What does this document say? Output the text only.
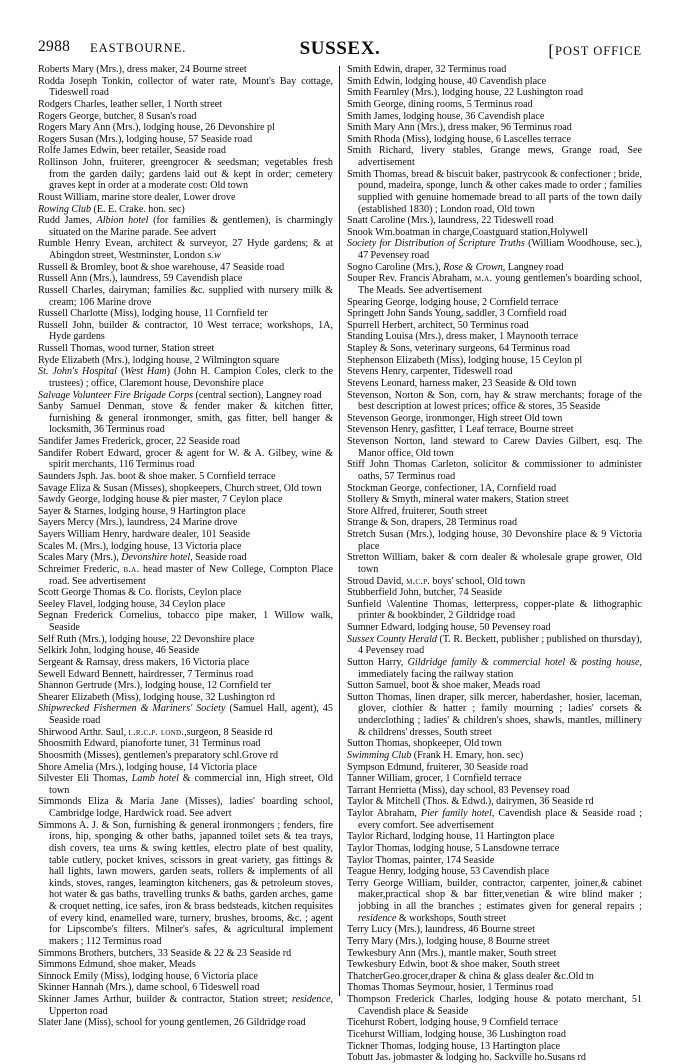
2988 EASTBOURNE.	SUSSEX.	[POST OFFICE

Roberts Mary (Mrs.), dress maker, 24 Bourne street

Rodda Joseph Tonkin, collector of water rate, Mount's Bay cottage, Tideswell road

Rodgers Charles, leather seller, 1 North street

Rogers George, butcher, 8 Susan's road

Rogers Mary Ann (Mrs.), lodging house, 26 Devonshire pl

Rogers Susan (Mrs.), lodging house, 57 Seaside road

Rolfe James Edwin, beer retailer, Seaside road

Rollinson John, fruiterer, greengrocer & seedsman; vegetables fresh from the garden daily; gardens laid out & kept in order; cemetery graves kept in order at a moderate cost: Old town

Roust William, marine store dealer, Lower drove

Rowing Club (E. E. Crake. hon. sec)

Rudd James, Albion hotel (for families & gentlemen), is charmingly situated on the Marine parade. See advert

Rumble Henry Evean, architect & surveyor, 27 Hyde gardens; & at Abingdon street, Westminster, London s.w

Russell & Bromley, boot & shoe warehouse, 47 Seaside road

Russell Ann (Mrs.), laundress, 59 Cavendish place

Russell Charles, dairyman; families &c. supplied with nursery milk & cream; 106 Marine drove

Russell Charlotte (Miss), lodging house, 11 Cornfield ter

Russell John, builder & contractor, 10 West terrace; workshops, 1A, Hyde gardens

Russell Thomas, wood turner, Station street

Ryde Elizabeth (Mrs.), lodging house, 2 Wilmington square

St. John's Hospital (West Ham) (John H. Campion Coles, clerk to the trustees) ; office, Claremont house, Devonshire place

Salvage Volunteer Fire Brigade Corps (central section), Langney road

Sanby Samuel Denman, stove & fender maker & kitchen fitter, furnishing & general ironmonger, smith, gas fitter, bell hanger & locksmith, 36 Terminus road

Sandifer James Frederick, grocer, 22 Seaside road

Sandifer Robert Edward, grocer & agent for W. & A. Gilbey, wine & spirit merchants, 116 Terminus road

Saunders Jsph. Jas. boot & shoe maker. 5 Cornfield terrace

Savage Eliza & Susan (Misses), shopkeepers, Church street, Old town

Sawdy George, lodging house & pier master, 7 Ceylon place

Sayer & Starnes, lodging house, 9 Hartington place

Sayers Mercy (Mrs.), laundress, 24 Marine drove

Sayers William Henry, hardware dealer, 101 Seaside

Scales M. (Mrs.), lodging house, 13 Victoria place

Scales Mary (Mrs.), Devonshire hotel, Seaside road

Schreimer Frederic, b.a. head master of New College, Compton Place road. See advertisement

Scott George Thomas & Co. florists, Ceylon place

Seeley Flavel, lodging house, 34 Ceylon place

Segnan Frederick Cornelius, tobacco pipe maker, 1 Willow walk, Seaside

Self Ruth (Mrs.), lodging house, 22 Devonshire place

Selkirk John, lodging house, 46 Seaside

Sergeant & Ramsay, dress makers, 16 Victoria place

Sewell Edward Bennett, hairdresser, 7 Terminus road

Shannon Gertrude (Mrs.), lodging house, 12 Cornfield ter

Shearer Elizabeth (Miss), lodging house, 32 Lushington rd

Shipwrecked Fishermen & Mariners' Society (Samuel Hall, agent), 45 Seaside road

Shirwood Arthr. Saul, l.r.c.p. lond.,surgeon, 8 Seaside rd

Shoosmith Edward, pianoforte tuner, 31 Terminus road

Shoosmith (Misses), gentlemen's preparatory schl.Grove rd

Shore Amelia (Mrs.), lodging house, 14 Victoria place

Silvester Eli Thomas, Lamb hotel & commercial inn, High street, Old town

Simmonds Eliza & Maria Jane (Misses), ladies' boarding school, Cambridge lodge, Hardwick road. See advert

Simmons A. J. & Son, furnishing & general ironmongers ; fenders, fire irons, hip, sponging & other baths, japanned toilet sets & tea trays, dish covers, tea urns & swing kettles, electro plate of best quality, table cutlery, pocket knives, scissors in great variety, gas fittings & hall lights, lawn mowers, garden seats, rollers & implements of all kinds, stoves, ranges, leamington kitcheners, gas & petroleum stoves, hot water & gas baths, travelling trunks & baths, garden arches, game & croquet netting, ice safes, iron & brass bedsteads, kitchen requisites of every kind, enamelled ware, turnery, brushes, brooms, &c. ; agent for Lipscombe's filters. Milner's safes, & agricultural implement makers ; 112 Terminus road

Simmons Brothers, butchers, 33 Seaside & 22 & 23 Seaside rd

Simmons Edmund, shoe maker, Meads

Sinnock Emily (Miss), lodging house, 6 Victoria place

Skinner Hannah (Mrs.), dame school, 6 Tideswell road

Skinner James Arthur, builder & contractor, Station street; residence, Upperton road

Slater Jane (Miss), school for young gentlemen, 26 Gildridge road

Smith Edwin, draper, 32 Terminus road

Smith Edwin, lodging house, 40 Cavendish place

Smith Fearnley (Mrs.), lodging house, 22 Lushington road

Smith George, dining rooms, 5 Terminus road

Smith James, lodging house, 36 Cavendish place

Smith Mary Ann (Mrs.), dress maker, 96 Terminus road

Smith Rhoda (Miss), lodging house, 6 Lascelles terrace

Smith Richard, livery stables, Grange mews, Grange road, See advertisement

Smith Thomas, bread & biscuit baker, pastrycook & confectioner ; bride, pound, madeira, sponge, lunch & other cakes made to order ; families supplied with genuine homemade bread to all parts of the town daily (established 1830) ; London road, Old town

Snatt Caroline (Mrs.), laundress, 22 Tideswell road

Snook Wm.boatman in charge,Coastguard station,Holywell

Society for Distribution of Scripture Truths (William Woodhouse, sec.), 47 Pevensey road

Sogno Caroline (Mrs.), Rose & Crown, Langney road

Souper Rev. Francis Abraham, m.a. young gentlemen's boarding school, The Meads. See advertisement

Spearing George, lodging house, 2 Cornfield terrace

Springett John Sands Young, saddler, 3 Cornfield road

Spurrell Herbert, architect, 50 Terminus road

Standing Louisa (Mrs.), dress maker, 1 Maynooth terrace

Stapley & Sons, veterinary surgeons, 64 Terminus road

Stephenson Elizabeth (Miss), lodging house, 15 Ceylon pl

Stevens Henry, carpenter, Tideswell road

Stevens Leonard, harness maker, 23 Seaside & Old town

Stevenson, Norton & Son, corn, hay & straw merchants; forage of the best description at lowest prices; office & stores, 35 Seaside

Stevenson George, ironmonger, High street Old town

Stevenson Henry, gasfitter, 1 Leaf terrace, Bourne street

Stevenson Norton, land steward to Carew Davies Gilbert, esq. The Manor office, Old town

Stiff John Thomas Carleton, solicitor & commissioner to administer oaths, 57 Terminus road

Stockman George, confectioner, 1A, Cornfield road

Stollery & Smyth, mineral water makers, Station street

Store Alfred, fruiterer, South street

Strange & Son, drapers, 28 Terminus road

Stretch Susan (Mrs.), lodging house, 30 Devonshire place & 9 Victoria place

Stretton William, baker & corn dealer & wholesale grape grower, Old town

Stroud David, m.c.p. boys' school, Old town

Stubberfield John, butcher, 74 Seaside

Sunfield \Valentine Thomas, letterpress, copper-plate & lithographic printer & bookbinder, 2 Gildridge road

Sumner Edward, lodging house, 50 Pevensey road

Sussex County Herald (T. R. Beckett, publisher ; published on thursday), 4 Pevensey road

Sutton Harry, Gildridge family & commercial hotel & posting house, immediately facing the railway station

Sutton Samuel, boot & shoe maker, Meads road

Sutton Thomas, linen draper, silk mercer, haberdasher, hosier, laceman, glover, clothier & hatter ; family mourning ; ladies' corsets & underclothing ; ladies' & children's shoes, shawls, mantles, millinery & childrens' dresses, South street

Sutton Thomas, shopkeeper, Old town

Swimming Club (Frank H. Emary, hon. sec)

Sympson Edmund, fruiterer, 30 Seaside road

Tanner William, grocer, 1 Cornfield terrace

Tarrant Henrietta (Miss), day school, 83 Pevensey road

Taylor & Mitchell (Thos. & Edwd.), dairymen, 36 Seaside rd

Taylor Abraham, Pier family hotel, Cavendish place & Seaside road ; every comfort. See advertisement

Taylor Richard, lodging house, 11 Hartington place

Taylor Thomas, lodging house, 5 Lansdowne terrace

Taylor Thomas, painter, 174 Seaside

Teague Henry, lodging house, 53 Cavendish place

Terry George William, builder, contractor, carpenter, joiner,& cabinet maker,practical shop & bar fitter,venetian & wire blind maker ; jobbing in all the branches ; estimates given for general repairs ; residence & workshops, South street

Terry Lucy (Mrs.), laundress, 46 Bourne street

Terry Mary (Mrs.), lodging house, 8 Bourne street

Tewkesbury Ann (Mrs.), mantle maker, South street

Tewkesbury Edwin, boot & shoe maker, South street

ThatcherGeo.grocer,draper & china & glass dealer &c.Old tn

Thomas Thomas Seymour, hosier, 1 Terminus road

Thompson Frederick Charles, lodging house & potato merchant, 51 Cavendish place & Seaside

Ticehurst Robert, lodging house, 9 Cornfield terrace

Ticehurst William, lodging house, 36 Lushington road

Tickner Thomas, lodging house, 13 Hartington place

Tobutt Jas. jobmaster & lodging ho. Sackville ho.Susans rd
